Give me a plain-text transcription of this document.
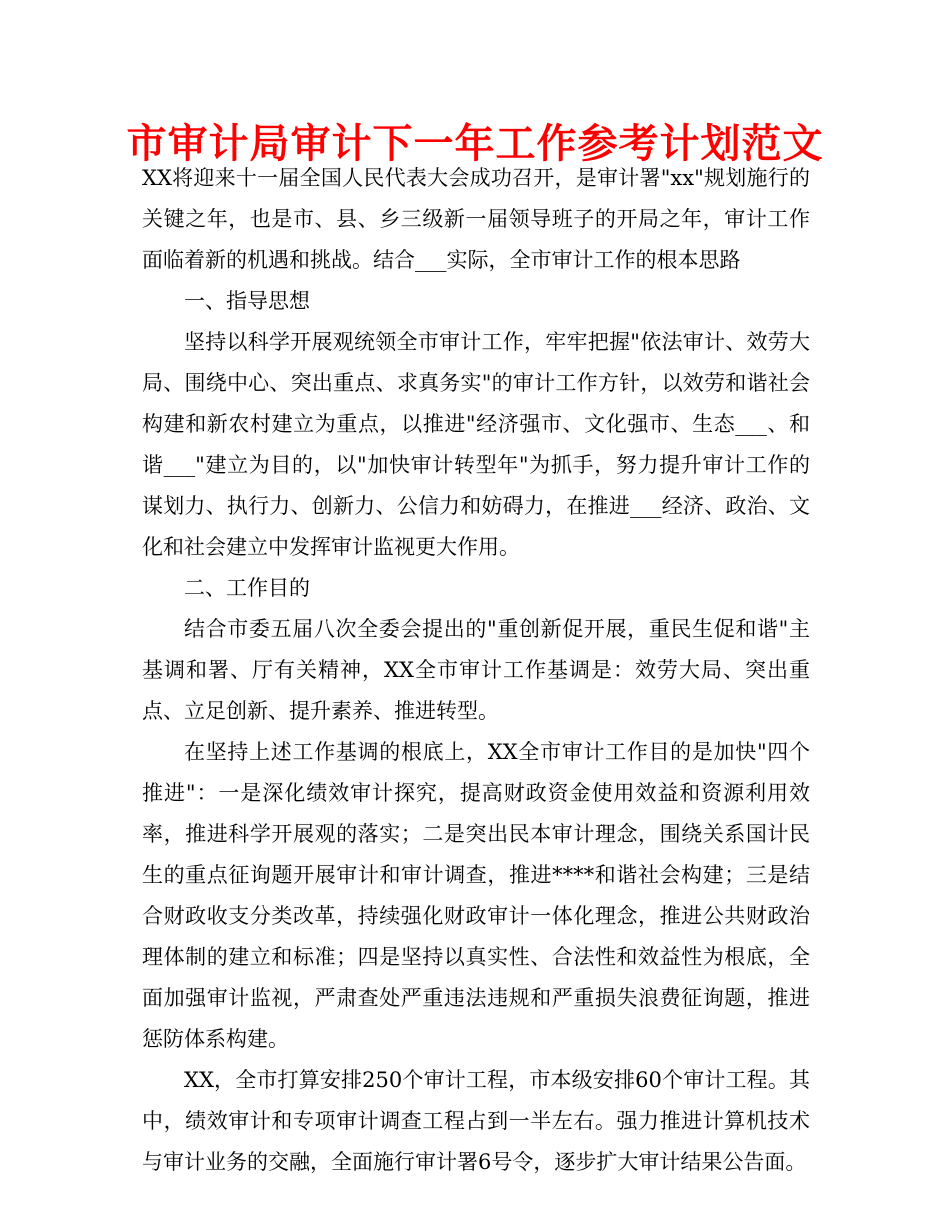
市审计局审计下一年工作参考计划范文

XX将迎来十一届全国人民代表大会成功召开，是审计署"xx"规划施行的关键之年，也是市、县、乡三级新一届领导班子的开局之年，审计工作面临着新的机遇和挑战。结合___实际，全市审计工作的根本思路

一、指导思想

坚持以科学开展观统领全市审计工作，牢牢把握"依法审计、效劳大局、围绕中心、突出重点、求真务实"的审计工作方针，以效劳和谐社会构建和新农村建立为重点，以推进"经济强市、文化强市、生态___、和谐___"建立为目的，以"加快审计转型年"为抓手，努力提升审计工作的谋划力、执行力、创新力、公信力和妨碍力，在推进___经济、政治、文化和社会建立中发挥审计监视更大作用。

二、工作目的

结合市委五届八次全委会提出的"重创新促开展，重民生促和谐"主基调和署、厅有关精神，XX全市审计工作基调是：效劳大局、突出重点、立足创新、提升素养、推进转型。

在坚持上述工作基调的根底上，XX全市审计工作目的是加快"四个推进"：一是深化绩效审计探究，提高财政资金使用效益和资源利用效率，推进科学开展观的落实；二是突出民本审计理念，围绕关系国计民生的重点征询题开展审计和审计调查，推进****和谐社会构建；三是结合财政收支分类改革，持续强化财政审计一体化理念，推进公共财政治理体制的建立和标准；四是坚持以真实性、合法性和效益性为根底，全面加强审计监视，严肃查处严重违法违规和严重损失浪费征询题，推进惩防体系构建。

XX，全市打算安排250个审计工程，市本级安排60个审计工程。其中，绩效审计和专项审计调查工程占到一半左右。强力推进计算机技术与审计业务的交融，全面施行审计署6号令，逐步扩大审计结果公告面。
